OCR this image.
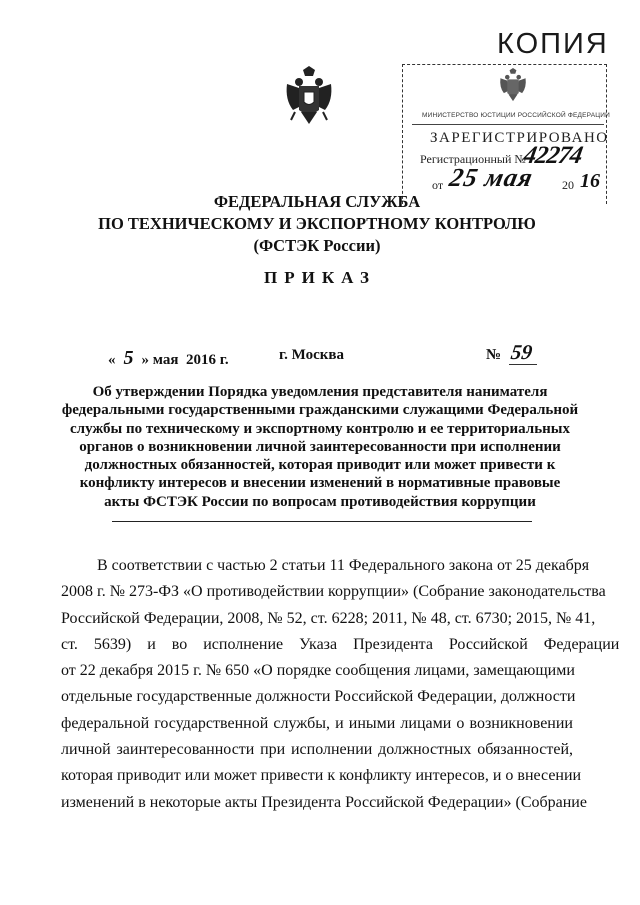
КОПИЯ
МИНИСТЕРСТВО ЮСТИЦИИ РОССИЙСКОЙ ФЕДЕРАЦИИ
ЗАРЕГИСТРИРОВАНО
Регистрационный №
42274
от 25 мая 20 16
ФЕДЕРАЛЬНАЯ СЛУЖБА
ПО ТЕХНИЧЕСКОМУ И ЭКСПОРТНОМУ КОНТРОЛЮ
(ФСТЭК России)
ПРИКАЗ
« 5 » мая  2016 г.	г. Москва	№ 59
Об утверждении Порядка уведомления представителя нанимателя
федеральными государственными гражданскими служащими Федеральной
службы по техническому и экспортному контролю и ее территориальных
органов о возникновении личной заинтересованности при исполнении
должностных обязанностей, которая приводит или может привести к
конфликту интересов и внесении изменений в нормативные правовые
акты ФСТЭК России по вопросам противодействия коррупции
В соответствии с частью 2 статьи 11 Федерального закона от 25 декабря
2008 г. № 273-ФЗ «О противодействии коррупции» (Собрание законодательства
Российской Федерации, 2008, № 52, ст. 6228; 2011, № 48, ст. 6730; 2015, № 41,
ст.    5639)    и    во    исполнение    Указа    Президента    Российской    Федерации
от 22 декабря 2015 г. № 650 «О порядке сообщения лицами, замещающими
отдельные государственные должности Российской Федерации, должности
федеральной государственной службы, и иными лицами о возникновении
личной заинтересованности при исполнении должностных обязанностей,
которая приводит или может привести к конфликту интересов, и о внесении
изменений в некоторые акты Президента Российской Федерации» (Собрание
